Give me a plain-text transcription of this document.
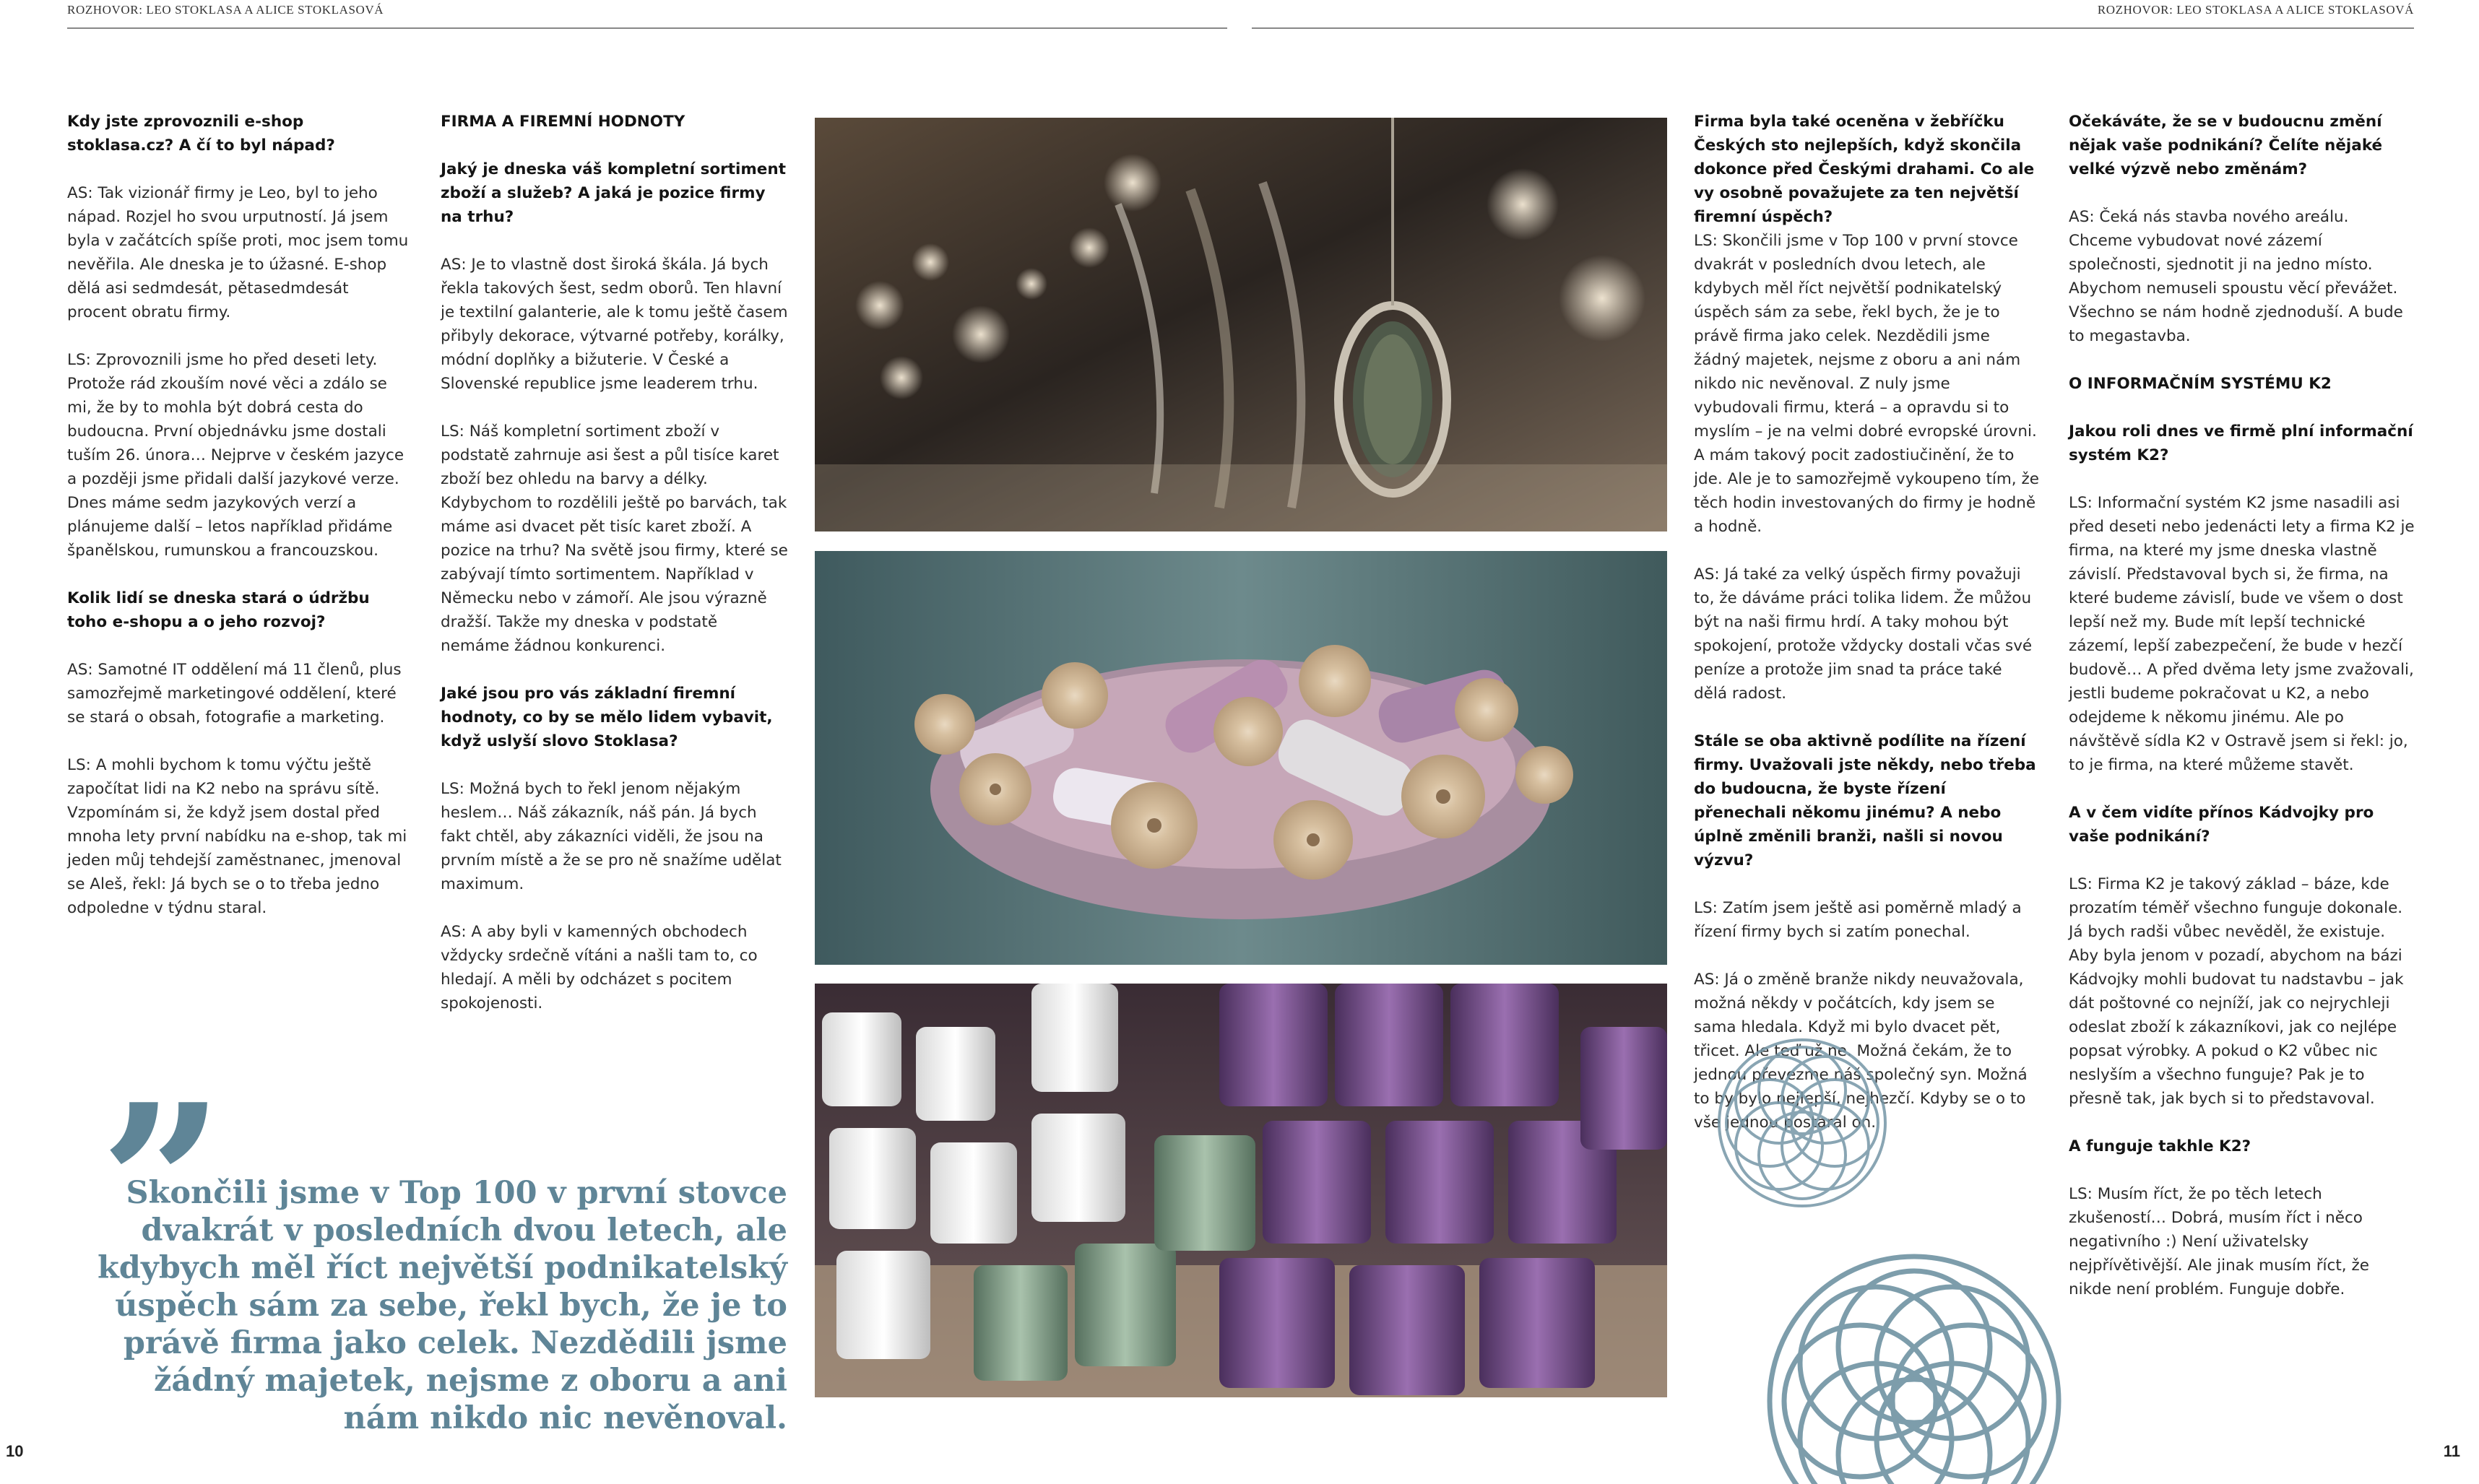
ROZHOVOR: LEO STOKLASA A ALICE STOKLASOVÁ	ROZHOVOR: LEO STOKLASA A ALICE STOKLASOVÁ

Kdy jste zprovoznili e-shop stoklasa.cz? A čí to byl nápad?

AS: Tak vizionář firmy je Leo, byl to jeho nápad. Rozjel ho svou urputností. Já jsem byla v začátcích spíše proti, moc jsem tomu nevěřila. Ale dneska je to úžasné. E-shop dělá asi sedmdesát, pětasedmdesát procent obratu firmy.

LS: Zprovoznili jsme ho před deseti lety. Protože rád zkouším nové věci a zdálo se mi, že by to mohla být dobrá cesta do budoucna. První objednávku jsme dostali tuším 26. února… Nejprve v českém jazyce a později jsme přidali další jazykové verze. Dnes máme sedm jazykových verzí a plánujeme další – letos například přidáme španělskou, rumunskou a francouzskou.

Kolik lidí se dneska stará o údržbu toho e-shopu a o jeho rozvoj?

AS: Samotné IT oddělení má 11 členů, plus samozřejmě marketingové oddělení, které se stará o obsah, fotografie a marketing.

LS: A mohli bychom k tomu výčtu ještě započítat lidi na K2 nebo na správu sítě. Vzpomínám si, že když jsem dostal před mnoha lety první nabídku na e-shop, tak mi jeden můj tehdejší zaměstnanec, jmenoval se Aleš, řekl: Já bych se o to třeba jedno odpoledne v týdnu staral.

FIRMA A FIREMNÍ HODNOTY

Jaký je dneska váš kompletní sortiment zboží a služeb? A jaká je pozice firmy na trhu?

AS: Je to vlastně dost široká škála. Já bych řekla takových šest, sedm oborů. Ten hlavní je textilní galanterie, ale k tomu ještě časem přibyly dekorace, výtvarné potřeby, korálky, módní doplňky a bižuterie. V České a Slovenské republice jsme leaderem trhu.

LS: Náš kompletní sortiment zboží v podstatě zahrnuje asi šest a půl tisíce karet zboží bez ohledu na barvy a délky. Kdybychom to rozdělili ještě po barvách, tak máme asi dvacet pět tisíc karet zboží. A pozice na trhu? Na světě jsou firmy, které se zabývají tímto sortimentem. Například v Německu nebo v zámoří. Ale jsou výrazně dražší. Takže my dneska v podstatě nemáme žádnou konkurenci.

Jaké jsou pro vás základní firemní hodnoty, co by se mělo lidem vybavit, když uslyší slovo Stoklasa?

LS: Možná bych to řekl jenom nějakým heslem… Náš zákazník, náš pán. Já bych fakt chtěl, aby zákazníci viděli, že jsou na prvním místě a že se pro ně snažíme udělat maximum.

AS: A aby byli v kamenných obchodech vždycky srdečně vítáni a našli tam to, co hledají. A měli by odcházet s pocitem spokojenosti.

”
Skončili jsme v Top 100 v první stovce dvakrát v posledních dvou letech, ale kdybych měl říct největší podnikatelský úspěch sám za sebe, řekl bych, že je to právě firma jako celek. Nezdědili jsme žádný majetek, nejsme z oboru a ani nám nikdo nic nevěnoval.

Firma byla také oceněna v žebříčku Českých sto nejlepších, když skončila dokonce před Českými drahami. Co ale vy osobně považujete za ten největší firemní úspěch?

LS: Skončili jsme v Top 100 v první stovce dvakrát v posledních dvou letech, ale kdybych měl říct největší podnikatelský úspěch sám za sebe, řekl bych, že je to právě firma jako celek. Nezdědili jsme žádný majetek, nejsme z oboru a ani nám nikdo nic nevěnoval. Z nuly jsme vybudovali firmu, která – a opravdu si to myslím – je na velmi dobré evropské úrovni. A mám takový pocit zadostiučinění, že to jde. Ale je to samozřejmě vykoupeno tím, že těch hodin investovaných do firmy je hodně a hodně.

AS: Já také za velký úspěch firmy považuji to, že dáváme práci tolika lidem. Že můžou být na naši firmu hrdí. A taky mohou být spokojení, protože vždycky dostali včas své peníze a protože jim snad ta práce také dělá radost.

Stále se oba aktivně podílite na řízení firmy. Uvažovali jste někdy, nebo třeba do budoucna, že byste řízení přenechali někomu jinému? A nebo úplně změnili branži, našli si novou výzvu?

LS: Zatím jsem ještě asi poměrně mladý a řízení firmy bych si zatím ponechal.

AS: Já o změně branže nikdy neuvažovala, možná někdy v počátcích, kdy jsem se sama hledala. Když mi bylo dvacet pět, třicet. Ale teď už ne. Možná čekám, že to jednou převezme náš společný syn. Možná to by bylo nejlepší, nejhezčí. Kdyby se o to vše jednou postaral on.

Očekáváte, že se v budoucnu změní nějak vaše podnikání? Čelíte nějaké velké výzvě nebo změnám?

AS: Čeká nás stavba nového areálu. Chceme vybudovat nové zázemí společnosti, sjednotit ji na jedno místo. Abychom nemuseli spoustu věcí převážet. Všechno se nám hodně zjednoduší. A bude to megastavba.

O INFORMAČNÍM SYSTÉMU K2

Jakou roli dnes ve firmě plní informační systém K2?

LS: Informační systém K2 jsme nasadili asi před deseti nebo jedenácti lety a firma K2 je firma, na které my jsme dneska vlastně závislí. Představoval bych si, že firma, na které budeme závislí, bude ve všem o dost lepší než my. Bude mít lepší technické zázemí, lepší zabezpečení, že bude v hezčí budově… A před dvěma lety jsme zvažovali, jestli budeme pokračovat u K2, a nebo odejdeme k někomu jinému. Ale po návštěvě sídla K2 v Ostravě jsem si řekl: jo, to je firma, na které můžeme stavět.

A v čem vidíte přínos Kádvojky pro vaše podnikání?

LS: Firma K2 je takový základ – báze, kde prozatím téměř všechno funguje dokonale. Já bych radši vůbec nevěděl, že existuje. Aby byla jenom v pozadí, abychom na bázi Kádvojky mohli budovat tu nadstavbu – jak dát poštovné co nejníží, jak co nejrychleji odeslat zboží k zákazníkovi, jak co nejlépe popsat výrobky. A pokud o K2 vůbec nic neslyším a všechno funguje? Pak je to přesně tak, jak bych si to představoval.

A funguje takhle K2?

LS: Musím říct, že po těch letech zkušeností… Dobrá, musím říct i něco negativního :) Není uživatelsky nejpřívětivější. Ale jinak musím říct, že nikde není problém. Funguje dobře.

10	11
